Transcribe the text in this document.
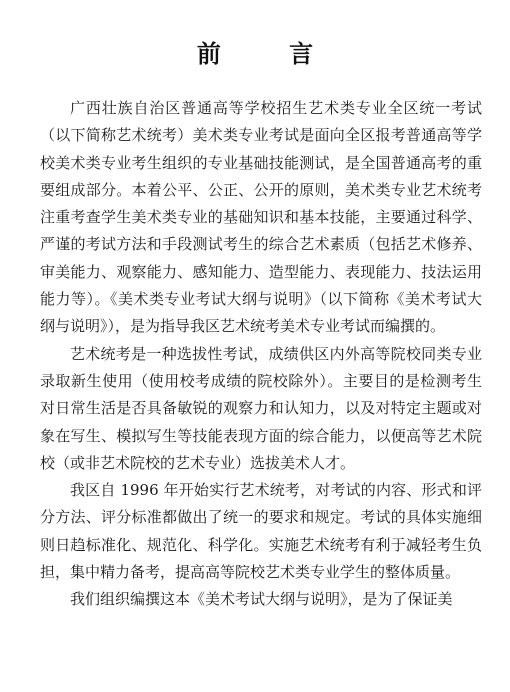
前 言

广西壮族自治区普通高等学校招生艺术类专业全区统一考试（以下简称艺术统考）美术类专业考试是面向全区报考普通高等学校美术类专业考生组织的专业基础技能测试，是全国普通高考的重要组成部分。本着公平、公正、公开的原则，美术类专业艺术统考注重考查学生美术类专业的基础知识和基本技能，主要通过科学、严谨的考试方法和手段测试考生的综合艺术素质（包括艺术修养、审美能力、观察能力、感知能力、造型能力、表现能力、技法运用能力等）。《美术类专业考试大纲与说明》（以下简称《美术考试大纲与说明》），是为指导我区艺术统考美术专业考试而编撰的。

艺术统考是一种选拔性考试，成绩供区内外高等院校同类专业录取新生使用（使用校考成绩的院校除外）。主要目的是检测考生对日常生活是否具备敏锐的观察力和认知力，以及对特定主题或对象在写生、模拟写生等技能表现方面的综合能力，以便高等艺术院校（或非艺术院校的艺术专业）选拔美术人才。

我区自 1996 年开始实行艺术统考，对考试的内容、形式和评分方法、评分标准都做出了统一的要求和规定。考试的具体实施细则日趋标准化、规范化、科学化。实施艺术统考有利于减轻考生负担，集中精力备考，提高高等院校艺术类专业学生的整体质量。

我们组织编撰这本《美术考试大纲与说明》，是为了保证美
